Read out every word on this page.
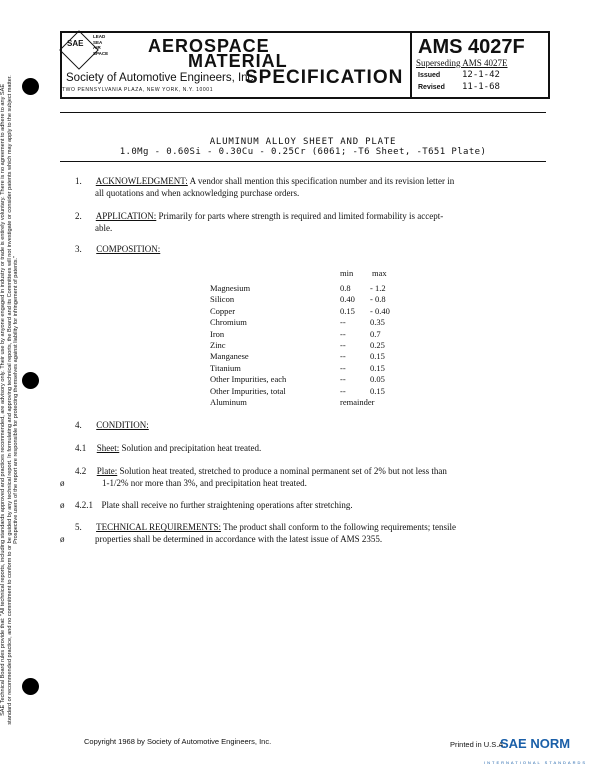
SAE
LEAD
SEA
AIR
SPACE AEROSPACE
MATERIAL
SPECIFICATION
Society of Automotive Engineers, Inc.
TWO PENNSYLVANIA PLAZA, NEW YORK, N.Y. 10001
AMS 4027F
Superseding AMS 4027E
Issued 12-1-42
Revised 11-1-68
SAE Technical Board rules provide that: "All technical reports, including standards approved and practices recommended, are advisory only. Their use by anyone engaged in industry or trade is entirely voluntary. There is no agreement to adhere to any SAE standard or recommended practice, and no commitment to conform to or be guided by any technical report. In formulating and approving technical reports, the Board and its Committees will not investigate or consider patents which may apply to the subject matter. Prospective users of the report are responsible for protecting themselves against liability for infringement of patents."
ALUMINUM ALLOY SHEET AND PLATE
1.0Mg - 0.60Si - 0.30Cu - 0.25Cr (6061; -T6 Sheet, -T651 Plate)
1. ACKNOWLEDGMENT: A vendor shall mention this specification number and its revision letter in
all quotations and when acknowledging purchase orders.
2. APPLICATION: Primarily for parts where strength is required and limited formability is accept-
able.
3. COMPOSITION:
min max
Magnesium	0.8 - 1.2
Silicon	0.40 - 0.8
Copper	0.15 - 0.40
Chromium	--	0.35
Iron	--	0.7
Zinc	--	0.25
Manganese	--	0.15
Titanium	--	0.15
Other Impurities, each	--	0.05
Other Impurities, total	--	0.15
Aluminum	remainder
4. CONDITION:
4.1 Sheet: Solution and precipitation heat treated.
4.2 Plate: Solution heat treated, stretched to produce a nominal permanent set of 2% but not less than
ø	1-1/2% nor more than 3%, and precipitation heat treated.
ø 4.2.1 Plate shall receive no further straightening operations after stretching.
5. TECHNICAL REQUIREMENTS: The product shall conform to the following requirements; tensile
ø	properties shall be determined in accordance with the latest issue of AMS 2355.
Copyright 1968 by Society of Automotive Engineers, Inc.	Printed in U.S.A.
SAE NORM
INTERNATIONAL STANDARDS
